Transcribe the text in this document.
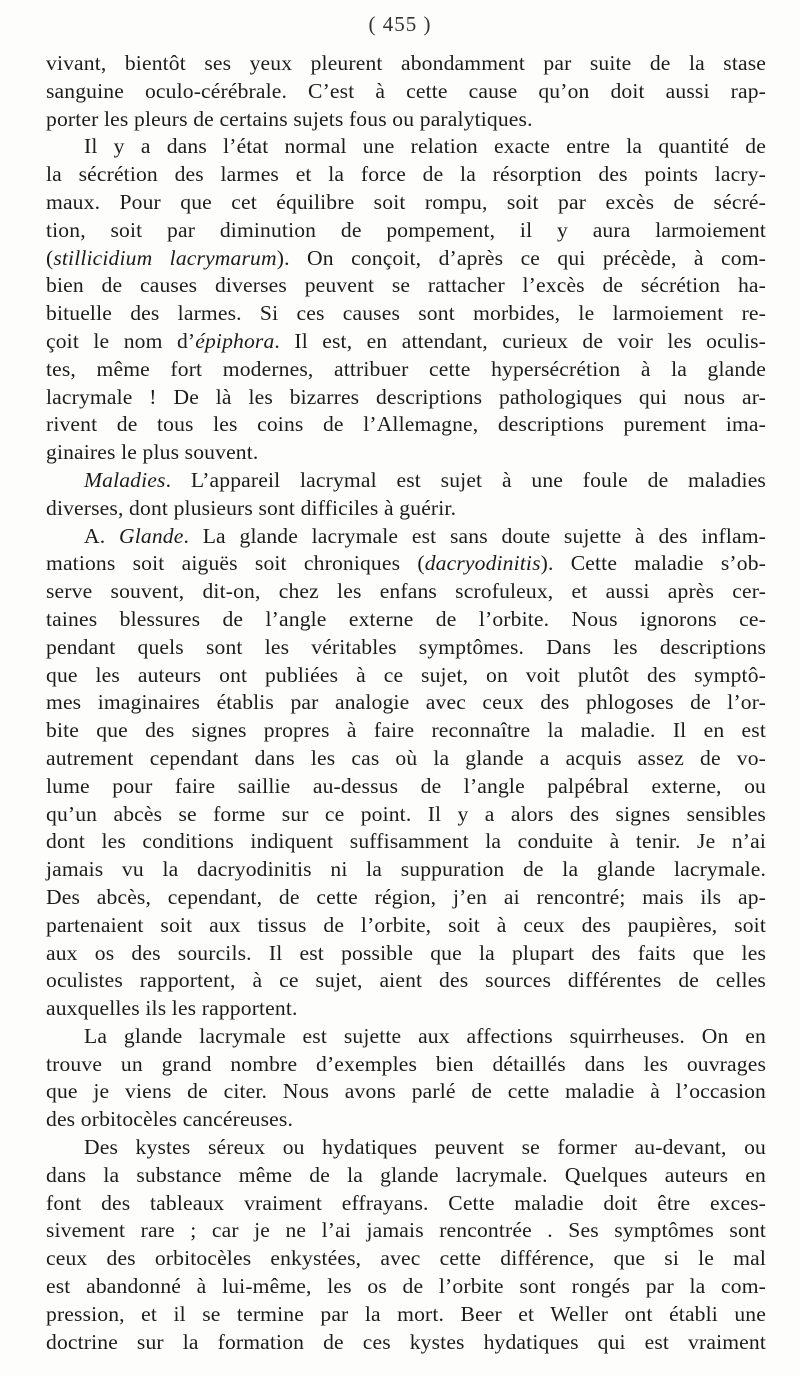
( 455 )
vivant, bientôt ses yeux pleurent abondamment par suite de la stase
sanguine oculo-cérébrale. C’est à cette cause qu’on doit aussi rap-
porter les pleurs de certains sujets fous ou paralytiques.
Il y a dans l’état normal une relation exacte entre la quantité de
la sécrétion des larmes et la force de la résorption des points lacry-
maux. Pour que cet équilibre soit rompu, soit par excès de sécré-
tion, soit par diminution de pompement, il y aura larmoiement
(stillicidium lacrymarum). On conçoit, d’après ce qui précède, à com-
bien de causes diverses peuvent se rattacher l’excès de sécrétion ha-
bituelle des larmes. Si ces causes sont morbides, le larmoiement re-
çoit le nom d’épiphora. Il est, en attendant, curieux de voir les oculis-
tes, même fort modernes, attribuer cette hypersécrétion à la glande
lacrymale ! De là les bizarres descriptions pathologiques qui nous ar-
rivent de tous les coins de l’Allemagne, descriptions purement ima-
ginaires le plus souvent.
Maladies. L’appareil lacrymal est sujet à une foule de maladies
diverses, dont plusieurs sont difficiles à guérir.
A. Glande. La glande lacrymale est sans doute sujette à des inflam-
mations soit aiguës soit chroniques (dacryodinitis). Cette maladie s’ob-
serve souvent, dit-on, chez les enfans scrofuleux, et aussi après cer-
taines blessures de l’angle externe de l’orbite. Nous ignorons ce-
pendant quels sont les véritables symptômes. Dans les descriptions
que les auteurs ont publiées à ce sujet, on voit plutôt des symptô-
mes imaginaires établis par analogie avec ceux des phlogoses de l’or-
bite que des signes propres à faire reconnaître la maladie. Il en est
autrement cependant dans les cas où la glande a acquis assez de vo-
lume pour faire saillie au-dessus de l’angle palpébral externe, ou
qu’un abcès se forme sur ce point. Il y a alors des signes sensibles
dont les conditions indiquent suffisamment la conduite à tenir. Je n’ai
jamais vu la dacryodinitis ni la suppuration de la glande lacrymale.
Des abcès, cependant, de cette région, j’en ai rencontré; mais ils ap-
partenaient soit aux tissus de l’orbite, soit à ceux des paupières, soit
aux os des sourcils. Il est possible que la plupart des faits que les
oculistes rapportent, à ce sujet, aient des sources différentes de celles
auxquelles ils les rapportent.
La glande lacrymale est sujette aux affections squirrheuses. On en
trouve un grand nombre d’exemples bien détaillés dans les ouvrages
que je viens de citer. Nous avons parlé de cette maladie à l’occasion
des orbitocèles cancéreuses.
Des kystes séreux ou hydatiques peuvent se former au-devant, ou
dans la substance même de la glande lacrymale. Quelques auteurs en
font des tableaux vraiment effrayans. Cette maladie doit être exces-
sivement rare ; car je ne l’ai jamais rencontrée . Ses symptômes sont
ceux des orbitocèles enkystées, avec cette différence, que si le mal
est abandonné à lui-même, les os de l’orbite sont rongés par la com-
pression, et il se termine par la mort. Beer et Weller ont établi une
doctrine sur la formation de ces kystes hydatiques qui est vraiment
